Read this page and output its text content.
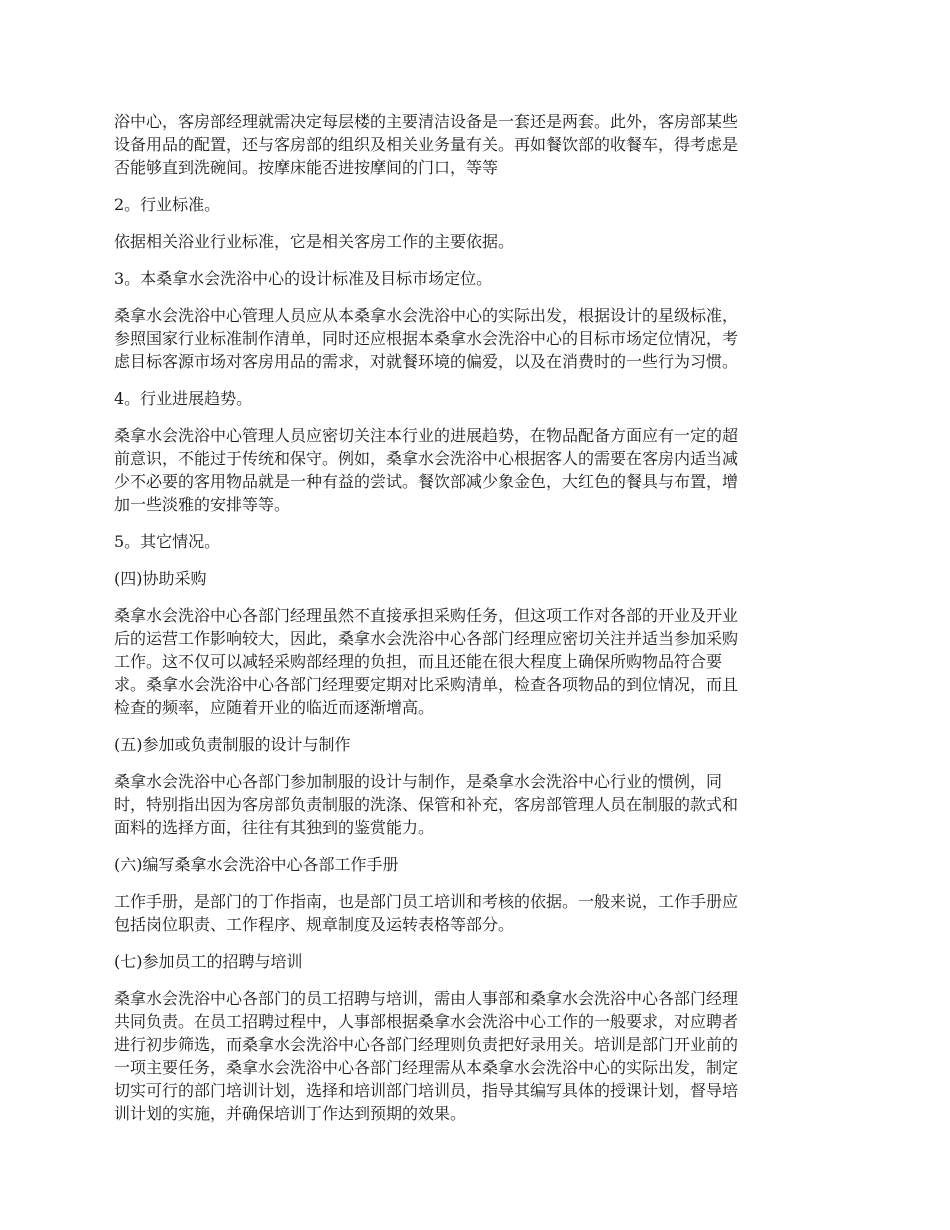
浴中心，客房部经理就需决定每层楼的主要清洁设备是一套还是两套。此外，客房部某些
设备用品的配置，还与客房部的组织及相关业务量有关。再如餐饮部的收餐车，得考虑是
否能够直到洗碗间。按摩床能否进按摩间的门口，等等

2。行业标准。

依据相关浴业行业标准，它是相关客房工作的主要依据。

3。本桑拿水会洗浴中心的设计标准及目标市场定位。

桑拿水会洗浴中心管理人员应从本桑拿水会洗浴中心的实际出发，根据设计的星级标准，
参照国家行业标准制作清单，同时还应根据本桑拿水会洗浴中心的目标市场定位情况，考
虑目标客源市场对客房用品的需求，对就餐环境的偏爱，以及在消费时的一些行为习惯。

4。行业进展趋势。

桑拿水会洗浴中心管理人员应密切关注本行业的进展趋势，在物品配备方面应有一定的超
前意识，不能过于传统和保守。例如，桑拿水会洗浴中心根据客人的需要在客房内适当减
少不必要的客用物品就是一种有益的尝试。餐饮部减少象金色，大红色的餐具与布置，增
加一些淡雅的安排等等。

5。其它情况。

(四)协助采购

桑拿水会洗浴中心各部门经理虽然不直接承担采购任务，但这项工作对各部的开业及开业
后的运营工作影响较大，因此，桑拿水会洗浴中心各部门经理应密切关注并适当参加采购
工作。这不仅可以减轻采购部经理的负担，而且还能在很大程度上确保所购物品符合要
求。桑拿水会洗浴中心各部门经理要定期对比采购清单，检查各项物品的到位情况，而且
检查的频率，应随着开业的临近而逐渐增高。

(五)参加或负责制服的设计与制作

桑拿水会洗浴中心各部门参加制服的设计与制作，是桑拿水会洗浴中心行业的惯例，同
时，特别指出因为客房部负责制服的洗涤、保管和补充，客房部管理人员在制服的款式和
面料的选择方面，往往有其独到的鉴赏能力。

(六)编写桑拿水会洗浴中心各部工作手册

工作手册，是部门的丁作指南，也是部门员工培训和考核的依据。一般来说，工作手册应
包括岗位职责、工作程序、规章制度及运转表格等部分。

(七)参加员工的招聘与培训

桑拿水会洗浴中心各部门的员工招聘与培训，需由人事部和桑拿水会洗浴中心各部门经理
共同负责。在员工招聘过程中，人事部根据桑拿水会洗浴中心工作的一般要求，对应聘者
进行初步筛选，而桑拿水会洗浴中心各部门经理则负责把好录用关。培训是部门开业前的
一项主要任务，桑拿水会洗浴中心各部门经理需从本桑拿水会洗浴中心的实际出发，制定
切实可行的部门培训计划，选择和培训部门培训员，指导其编写具体的授课计划，督导培
训计划的实施，并确保培训丁作达到预期的效果。
